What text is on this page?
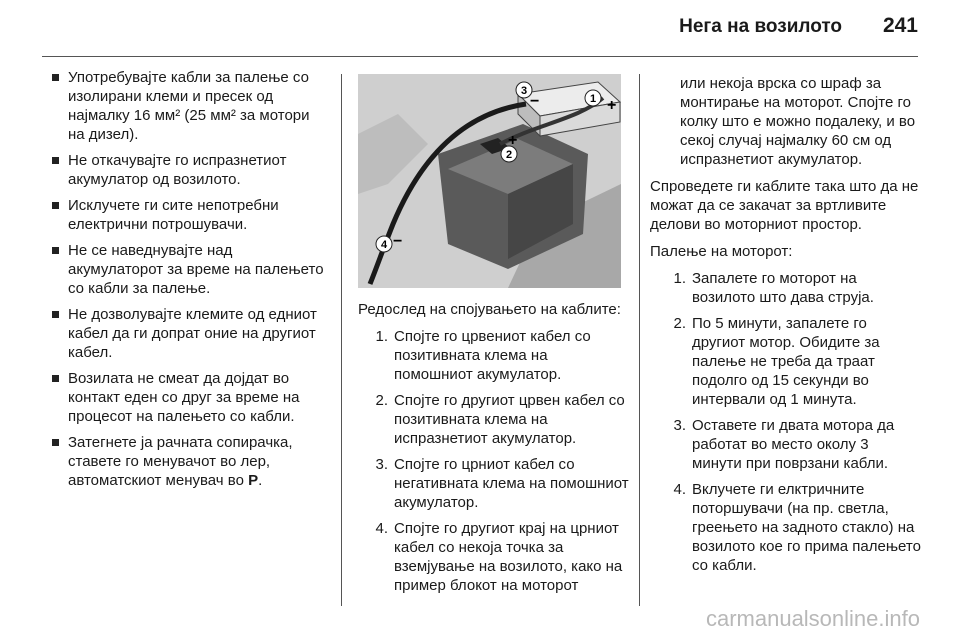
Нега на возилото 241
Употребувајте кабли за палење со изолирани клеми и пресек од најмалку 16 мм² (25 мм² за мотори на дизел).
Не откачувајте го испразнетиот акумулатор од возилото.
Исклучете ги сите непотребни електрични потрошувачи.
Не се наведнувајте над акумулаторот за време на палењето со кабли за палење.
Не дозволувајте клемите од едниот кабел да ги допрат оние на другиот кабел.
Возилата не смеат да дојдат во контакт еден со друг за време на процесот на палењето со кабли.
Затегнете ја рачната сопирачка, ставете го менувачот во лер, автоматскиот менувач во P.
1
2
3
4
+
+
−
−
Редослед на спојувањето на каблите:
1. Спојте го црвениот кабел со позитивната клема на помошниот акумулатор.
2. Спојте го другиот црвен кабел со позитивната клема на испразнетиот акумулатор.
3. Спојте го црниот кабел со негативната клема на помошниот акумулатор.
4. Спојте го другиот крај на црниот кабел со некоја точка за вземјување на возилото, како на пример блокот на моторот
или некоја врска со шраф за монтирање на моторот. Спојте го колку што е можно подалеку, и во секој случај најмалку 60 см од испразнетиот акумулатор.
Спроведете ги каблите така што да не можат да се закачат за вртливите делови во моторниот простор.
Палење на моторот:
1. Запалете го моторот на возилото што дава струја.
2. По 5 минути, запалете го другиот мотор. Обидите за палење не треба да траат подолго од 15 секунди во интервали од 1 минута.
3. Оставете ги двата мотора да работат во место околу 3 минути при поврзани кабли.
4. Вклучете ги елктричните поторшувачи (на пр. светла, греењето на задното стакло) на возилото кое го прима палењето со кабли.
carmanualsonline.info
